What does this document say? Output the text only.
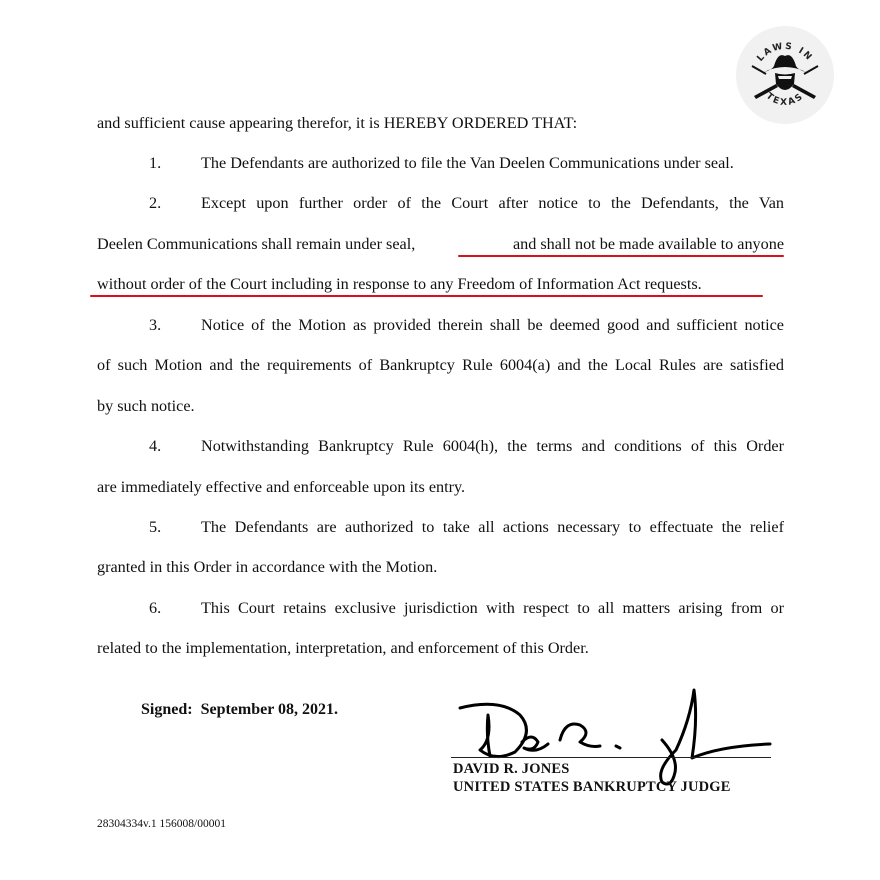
LAWS IN
TEXAS
and sufficient cause appearing therefor, it is HEREBY ORDERED THAT:
1. The Defendants are authorized to file the Van Deelen Communications under seal.
2. Except upon further order of the Court after notice to the Defendants, the Van
Deelen Communications shall remain under seal,	and shall not be made available to anyone
without order of the Court including in response to any Freedom of Information Act requests.
3. Notice of the Motion as provided therein shall be deemed good and sufficient notice
of such Motion and the requirements of Bankruptcy Rule 6004(a) and the Local Rules are satisfied
by such notice.
4. Notwithstanding Bankruptcy Rule 6004(h), the terms and conditions of this Order
are immediately effective and enforceable upon its entry.
5. The Defendants are authorized to take all actions necessary to effectuate the relief
granted in this Order in accordance with the Motion.
6. This Court retains exclusive jurisdiction with respect to all matters arising from or
related to the implementation, interpretation, and enforcement of this Order.
Signed: September 08, 2021.
DAVID R. JONES
UNITED STATES BANKRUPTCY JUDGE
28304334v.1 156008/00001
